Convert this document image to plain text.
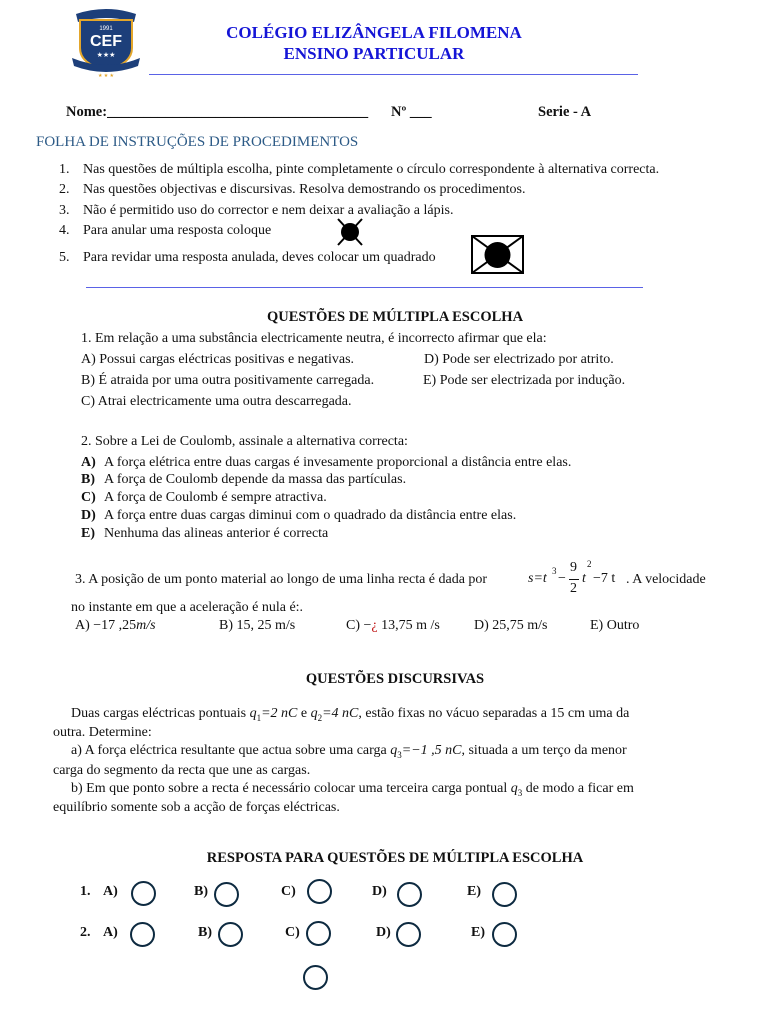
1991
CEF
★★★
★ ★ ★
COLÉGIO ELIZÂNGELA FILOMENA
ENSINO PARTICULAR
Nome:____________________________________ Nº ___	Serie - A
FOLHA DE INSTRUÇÕES DE PROCEDIMENTOS
1. Nas questões de múltipla escolha, pinte completamente o círculo correspondente à alternativa correcta.
2. Nas questões objectivas e discursivas. Resolva demostrando os procedimentos.
3. Não é permitido uso do corrector e nem deixar a avaliação a lápis.
4. Para anular uma resposta coloque
5. Para revidar uma resposta anulada, deves colocar um quadrado
QUESTÕES DE MÚLTIPLA ESCOLHA
1. Em relação a uma substância electricamente neutra, é incorrecto afirmar que ela:
A) Possui cargas eléctricas positivas e negativas.	D) Pode ser electrizado por atrito.
B) É atraida por uma outra positivamente carregada.	E) Pode ser electrizada por indução.
C) Atrai electricamente uma outra descarregada.
2. Sobre a Lei de Coulomb, assinale a alternativa correcta:
A) A força elétrica entre duas cargas é invesamente proporcional a distância entre elas.
B) A força de Coulomb depende da massa das partículas.
C) A força de Coulomb é sempre atractiva.
D) A força entre duas cargas diminui com o quadrado da distância entre elas.
E) Nenhuma das alineas anterior é correcta
3. A posição de um ponto material ao longo de uma linha recta é dada por	s=t 3 −
9
2
t
2
−7 t . A velocidade
no instante em que a aceleração é nula é:.
A) −17 ,25m/s	B) 15, 25 m/s	C) −¿ 13,75 m /s D) 25,75 m/s	E) Outro
QUESTÕES DISCURSIVAS
Duas cargas eléctricas pontuais $q_1=2$ nC e $q_2=4$ nC, estão fixas no vácuo separadas a 15 cm uma da
outra. Determine:
a) A força eléctrica resultante que actua sobre uma carga $q_3=-1$ ,5 nC, situada a um terço da menor
carga do segmento da recta que une as cargas.
b) Em que ponto sobre a recta é necessário colocar uma terceira carga pontual $q_3$ de modo a ficar em
equilíbrio somente sob a acção de forças eléctricas.
RESPOSTA PARA QUESTÕES DE MÚLTIPLA ESCOLHA
1. A)	B)	C)	D)	E)
2. A)	B)	C)	D)	E)
